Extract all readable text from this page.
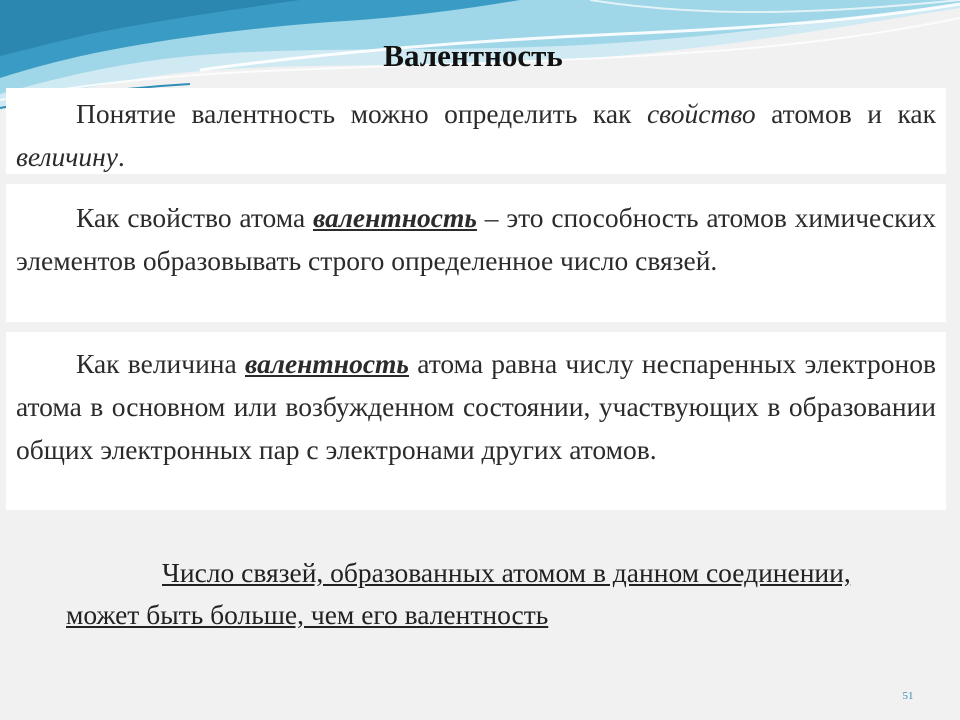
Валентность
Понятие валентность можно определить как свойство атомов и как величину.
Как свойство атома валентность – это способность атомов химических элементов образовывать строго определенное число связей.
Как величина валентность атома равна числу неспаренных электронов атома в основном или возбужденном состоянии, участвующих в образовании общих электронных пар с электронами других атомов.
Число связей, образованных атомом в данном соединении, может быть больше, чем его валентность
51
